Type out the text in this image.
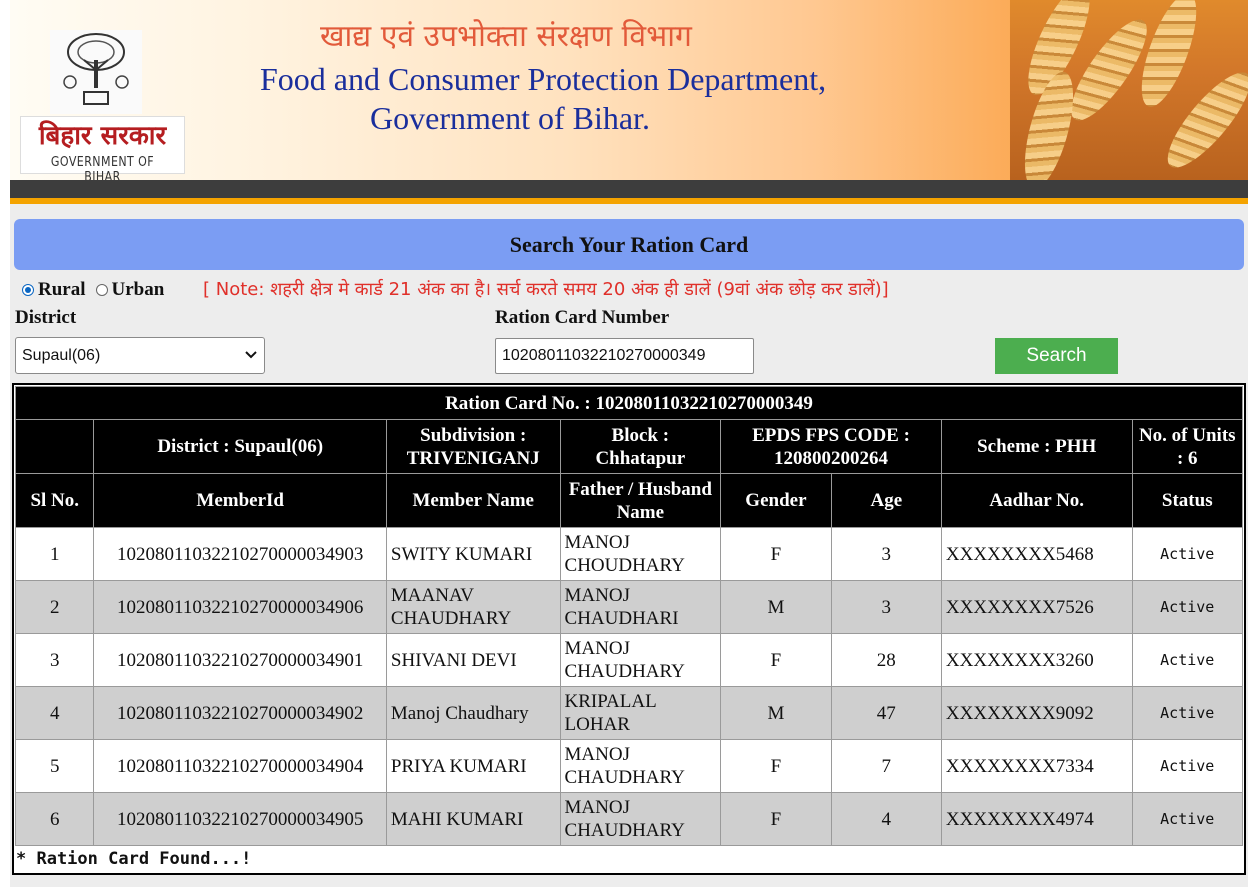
बिहार सरकार
GOVERNMENT OF BIHAR
खाद्य एवं उपभोक्ता संरक्षण विभाग
Food and Consumer Protection Department,
Government of Bihar.
Search Your Ration Card
Rural Urban [ Note: शहरी क्षेत्र मे कार्ड 21 अंक का है। सर्च करते समय 20 अंक ही डालें (9वां अंक छोड़ कर डालें)]
District
Supaul(06)
Ration Card Number
10208011032210270000349	Search
Ration Card No. : 10208011032210270000349							
	District : Supaul(06)	Subdivision : TRIVENIGANJ	Block : Chhatapur	EPDS FPS CODE : 120800200264		Scheme : PHH	No. of Units : 6
Sl No.	MemberId	Member Name	Father / Husband Name	Gender	Age	Aadhar No.	Status
1	1020801103221027000003490​3	SWITY KUMARI	MANOJ CHOUDHARY	F	3	XXXXXXXX5468	Active
2	1020801103221027000003490​6	MAANAV CHAUDHARY	MANOJ CHAUDHARI	M	3	XXXXXXXX7526	Active
3	1020801103221027000003490​1	SHIVANI DEVI	MANOJ CHAUDHARY	F	28	XXXXXXXX3260	Active
4	1020801103221027000003490​2	Manoj Chaudhary	KRIPALAL LOHAR	M	47	XXXXXXXX9092	Active
5	1020801103221027000003490​4	PRIYA KUMARI	MANOJ CHAUDHARY	F	7	XXXXXXXX7334	Active
6	1020801103221027000003490​5	MAHI KUMARI	MANOJ CHAUDHARY	F	4	XXXXXXXX4974	Active
* Ration Card Found...!
